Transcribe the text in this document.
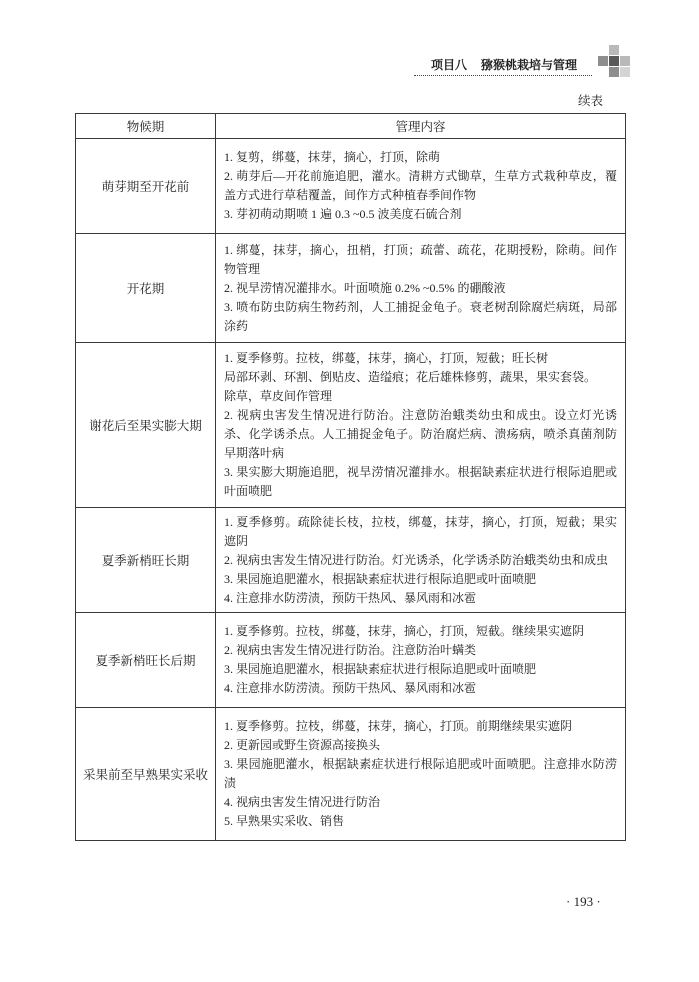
项目八 猕猴桃栽培与管理
续表
物候期	管理内容
萌芽期至开花前	1. 复剪，绑蔓，抹芽，摘心，打顶，除萌

2. 萌芽后—开花前施追肥，灌水。清耕方式锄草，生草方式栽种草皮，覆盖方式进行草秸覆盖，间作方式种植春季间作物

3. 芽初萌动期喷 1 遍 0.3 ~0.5 波美度石硫合剂

开花期	1. 绑蔓，抹芽，摘心，扭梢，打顶；疏蕾、疏花，花期授粉，除萌。间作物管理

2. 视旱涝情况灌排水。叶面喷施 0.2% ~0.5% 的硼酸液

3. 喷布防虫防病生物药剂，人工捕捉金龟子。衰老树刮除腐烂病斑，局部涂药

谢花后至果实膨大期	1. 夏季修剪。拉枝，绑蔓，抹芽，摘心，打顶，短截；旺长树

局部环剥、环割、倒贴皮、造缢痕；花后雄株修剪，蔬果，果实套袋。

除草，草皮间作管理

2. 视病虫害发生情况进行防治。注意防治蛾类幼虫和成虫。设立灯光诱杀、化学诱杀点。人工捕捉金龟子。防治腐烂病、溃疡病，喷杀真菌剂防早期落叶病

3. 果实膨大期施追肥，视旱涝情况灌排水。根据缺素症状进行根际追肥或叶面喷肥

夏季新梢旺长期	1. 夏季修剪。疏除徒长枝，拉枝，绑蔓，抹芽，摘心，打顶，短截；果实遮阴

2. 视病虫害发生情况进行防治。灯光诱杀，化学诱杀防治蛾类幼虫和成虫

3. 果园施追肥灌水，根据缺素症状进行根际追肥或叶面喷肥

4. 注意排水防涝渍，预防干热风、暴风雨和冰雹

夏季新梢旺长后期	1. 夏季修剪。拉枝，绑蔓，抹芽，摘心，打顶，短截。继续果实遮阴

2. 视病虫害发生情况进行防治。注意防治叶螨类

3. 果园施追肥灌水，根据缺素症状进行根际追肥或叶面喷肥

4. 注意排水防涝渍。预防干热风、暴风雨和冰雹

采果前至早熟果实采收	1. 夏季修剪。拉枝，绑蔓，抹芽，摘心，打顶。前期继续果实遮阴

2. 更新园或野生资源高接换头

3. 果园施肥灌水，根据缺素症状进行根际追肥或叶面喷肥。注意排水防涝渍

4. 视病虫害发生情况进行防治

5. 早熟果实采收、销售

· 193 ·
